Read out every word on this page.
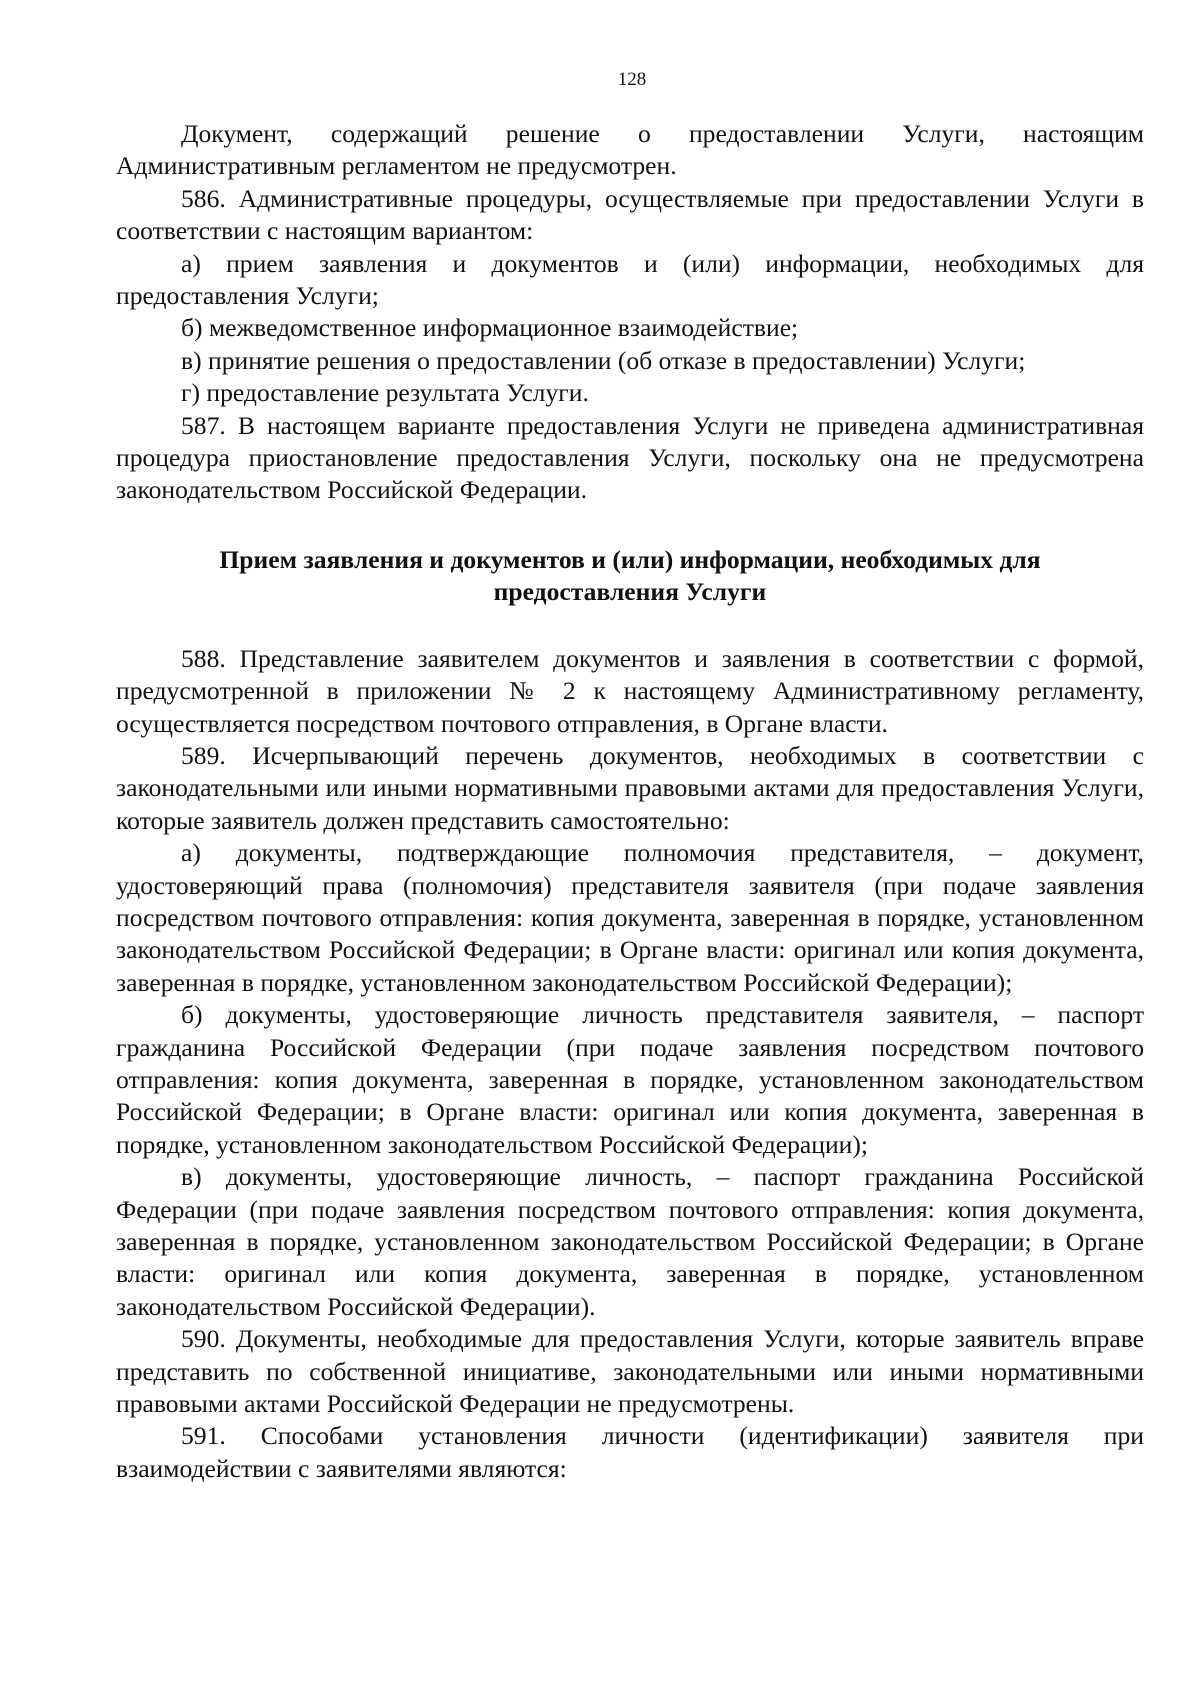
128

Документ, содержащий решение о предоставлении Услуги, настоящим Административным регламентом не предусмотрен.

586. Административные процедуры, осуществляемые при предоставлении Услуги в соответствии с настоящим вариантом:

а) прием заявления и документов и (или) информации, необходимых для предоставления Услуги;

б) межведомственное информационное взаимодействие;

в) принятие решения о предоставлении (об отказе в предоставлении) Услуги;

г) предоставление результата Услуги.

587. В настоящем варианте предоставления Услуги не приведена административная процедура приостановление предоставления Услуги, поскольку она не предусмотрена законодательством Российской Федерации.

Прием заявления и документов и (или) информации, необходимых для
предоставления Услуги

588. Представление заявителем документов и заявления в соответствии с формой, предусмотренной в приложении № 2 к настоящему Административному регламенту, осуществляется посредством почтового отправления, в Органе власти.

589. Исчерпывающий перечень документов, необходимых в соответствии с законодательными или иными нормативными правовыми актами для предоставления Услуги, которые заявитель должен представить самостоятельно:

а) документы, подтверждающие полномочия представителя, – документ, удостоверяющий права (полномочия) представителя заявителя (при подаче заявления посредством почтового отправления: копия документа, заверенная в порядке, установленном законодательством Российской Федерации; в Органе власти: оригинал или копия документа, заверенная в порядке, установленном законодательством Российской Федерации);

б) документы, удостоверяющие личность представителя заявителя, – паспорт гражданина Российской Федерации (при подаче заявления посредством почтового отправления: копия документа, заверенная в порядке, установленном законодательством Российской Федерации; в Органе власти: оригинал или копия документа, заверенная в порядке, установленном законодательством Российской Федерации);

в) документы, удостоверяющие личность, – паспорт гражданина Российской Федерации (при подаче заявления посредством почтового отправления: копия документа, заверенная в порядке, установленном законодательством Российской Федерации; в Органе власти: оригинал или копия документа, заверенная в порядке, установленном законодательством Российской Федерации).

590. Документы, необходимые для предоставления Услуги, которые заявитель вправе представить по собственной инициативе, законодательными или иными нормативными правовыми актами Российской Федерации не предусмотрены.

591. Способами установления личности (идентификации) заявителя при взаимодействии с заявителями являются:
